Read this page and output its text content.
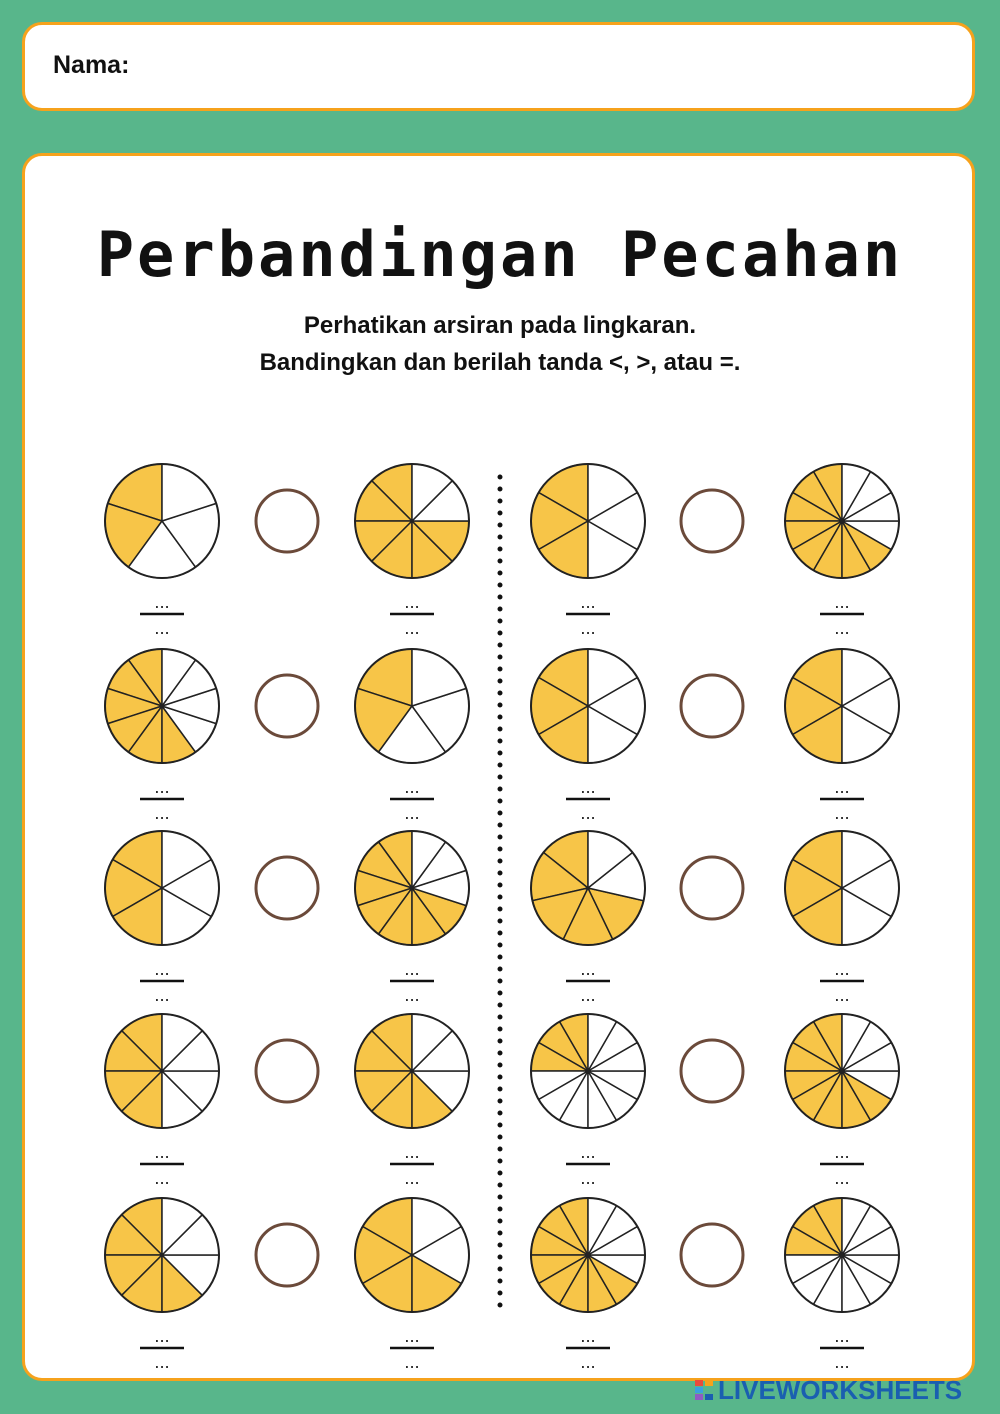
Nama:
Perbandingan Pecahan
Perhatikan arsiran pada lingkaran.
Bandingkan dan berilah tanda <, >, atau =.
...
...
...
...
...
...
...
...
...
...
...
...
...
...
...
...
...
...
...
...
...
...
...
...
...
...
...
...
...
...
...
...
...
...
...
...
...
...
...
...
LIVEWORKSHEETS
